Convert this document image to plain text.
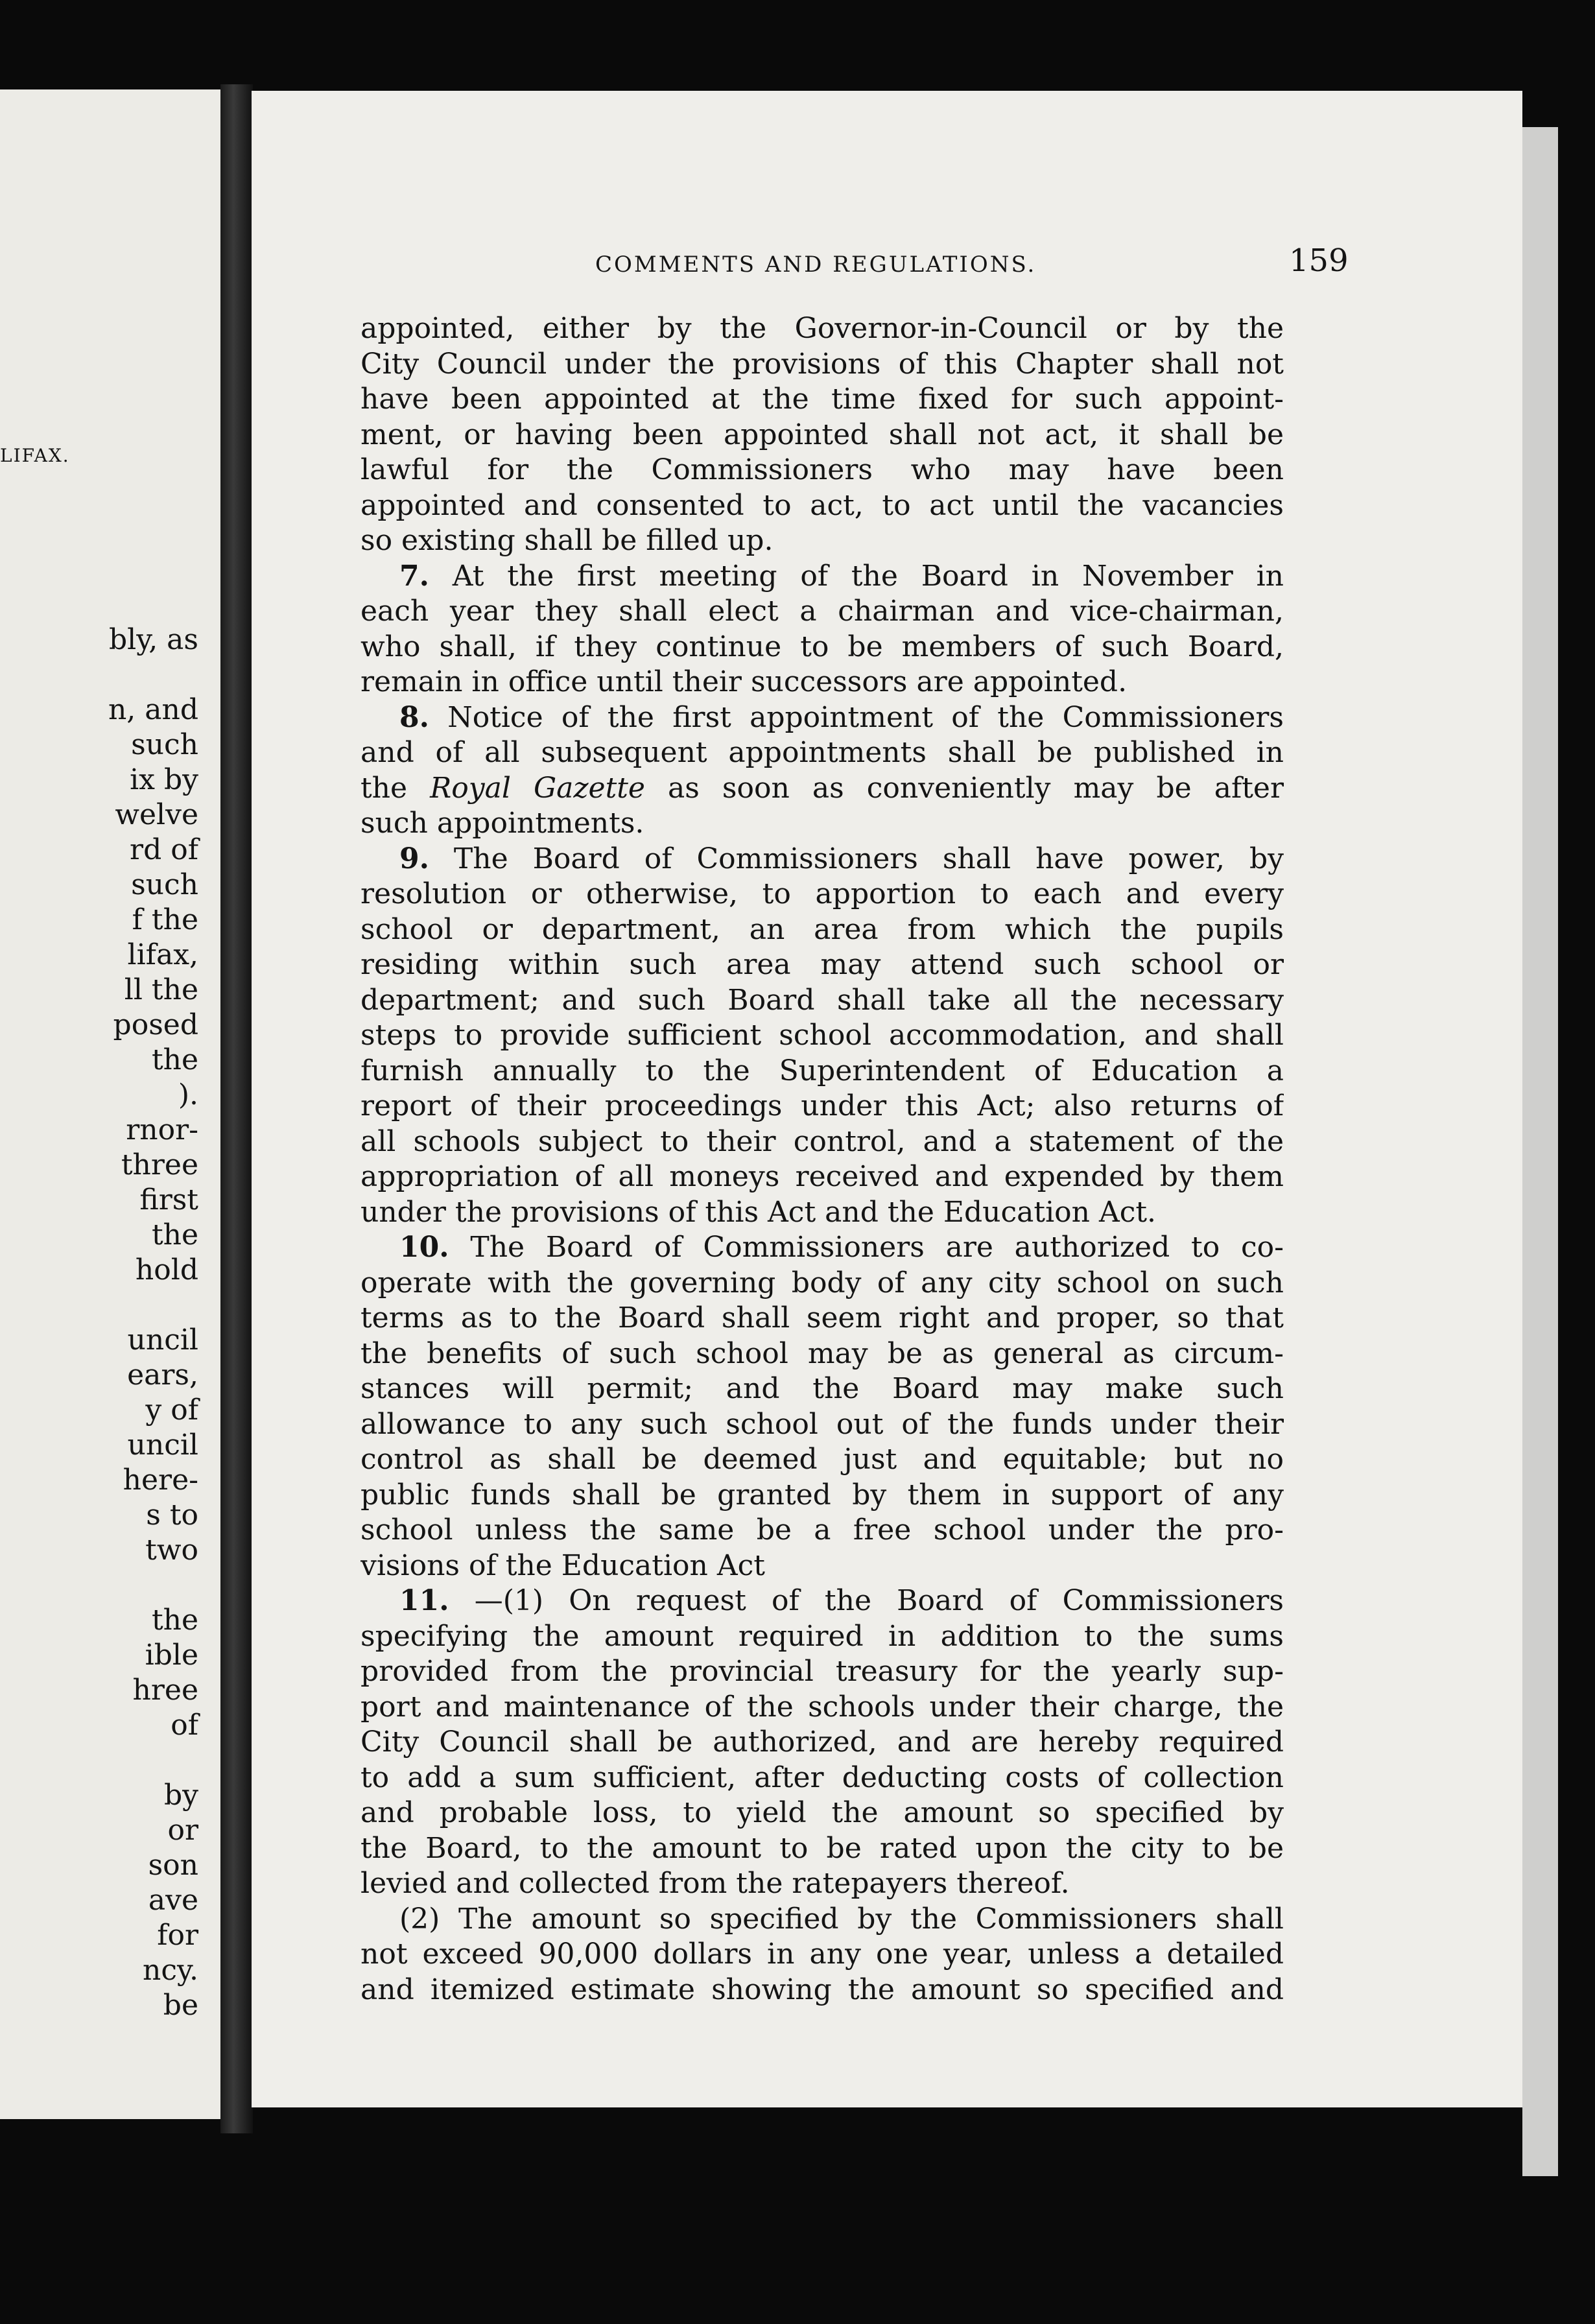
LIFAX.
bly, as

n, and
such
ix by
welve
rd of
such
f the
lifax,
ll the
posed
the
).
rnor-
three
first
the
hold

uncil
ears,
y of
uncil
here-
s to
two

the
ible
hree
of

by
or
son
ave
for
ncy.
be
COMMENTS AND REGULATIONS.	159
appointed, either by the Governor-in-Council or by the
City Council under the provisions of this Chapter shall not
have been appointed at the time fixed for such appoint-
ment, or having been appointed shall not act, it shall be
lawful for the Commissioners who may have been
appointed and consented to act, to act until the vacancies
so existing shall be filled up.
7. At the first meeting of the Board in November in
each year they shall elect a chairman and vice-chairman,
who shall, if they continue to be members of such Board,
remain in office until their successors are appointed.
8. Notice of the first appointment of the Commissioners
and of all subsequent appointments shall be published in
the Royal Gazette as soon as conveniently may be after
such appointments.
9. The Board of Commissioners shall have power, by
resolution or otherwise, to apportion to each and every
school or department, an area from which the pupils
residing within such area may attend such school or
department; and such Board shall take all the necessary
steps to provide sufficient school accommodation, and shall
furnish annually to the Superintendent of Education a
report of their proceedings under this Act; also returns of
all schools subject to their control, and a statement of the
appropriation of all moneys received and expended by them
under the provisions of this Act and the Education Act.
10. The Board of Commissioners are authorized to co-
operate with the governing body of any city school on such
terms as to the Board shall seem right and proper, so that
the benefits of such school may be as general as circum-
stances will permit; and the Board may make such
allowance to any such school out of the funds under their
control as shall be deemed just and equitable; but no
public funds shall be granted by them in support of any
school unless the same be a free school under the pro-
visions of the Education Act
11. —(1) On request of the Board of Commissioners
specifying the amount required in addition to the sums
provided from the provincial treasury for the yearly sup-
port and maintenance of the schools under their charge, the
City Council shall be authorized, and are hereby required
to add a sum sufficient, after deducting costs of collection
and probable loss, to yield the amount so specified by
the Board, to the amount to be rated upon the city to be
levied and collected from the ratepayers thereof.
(2) The amount so specified by the Commissioners shall
not exceed 90,000 dollars in any one year, unless a detailed
and itemized estimate showing the amount so specified and
